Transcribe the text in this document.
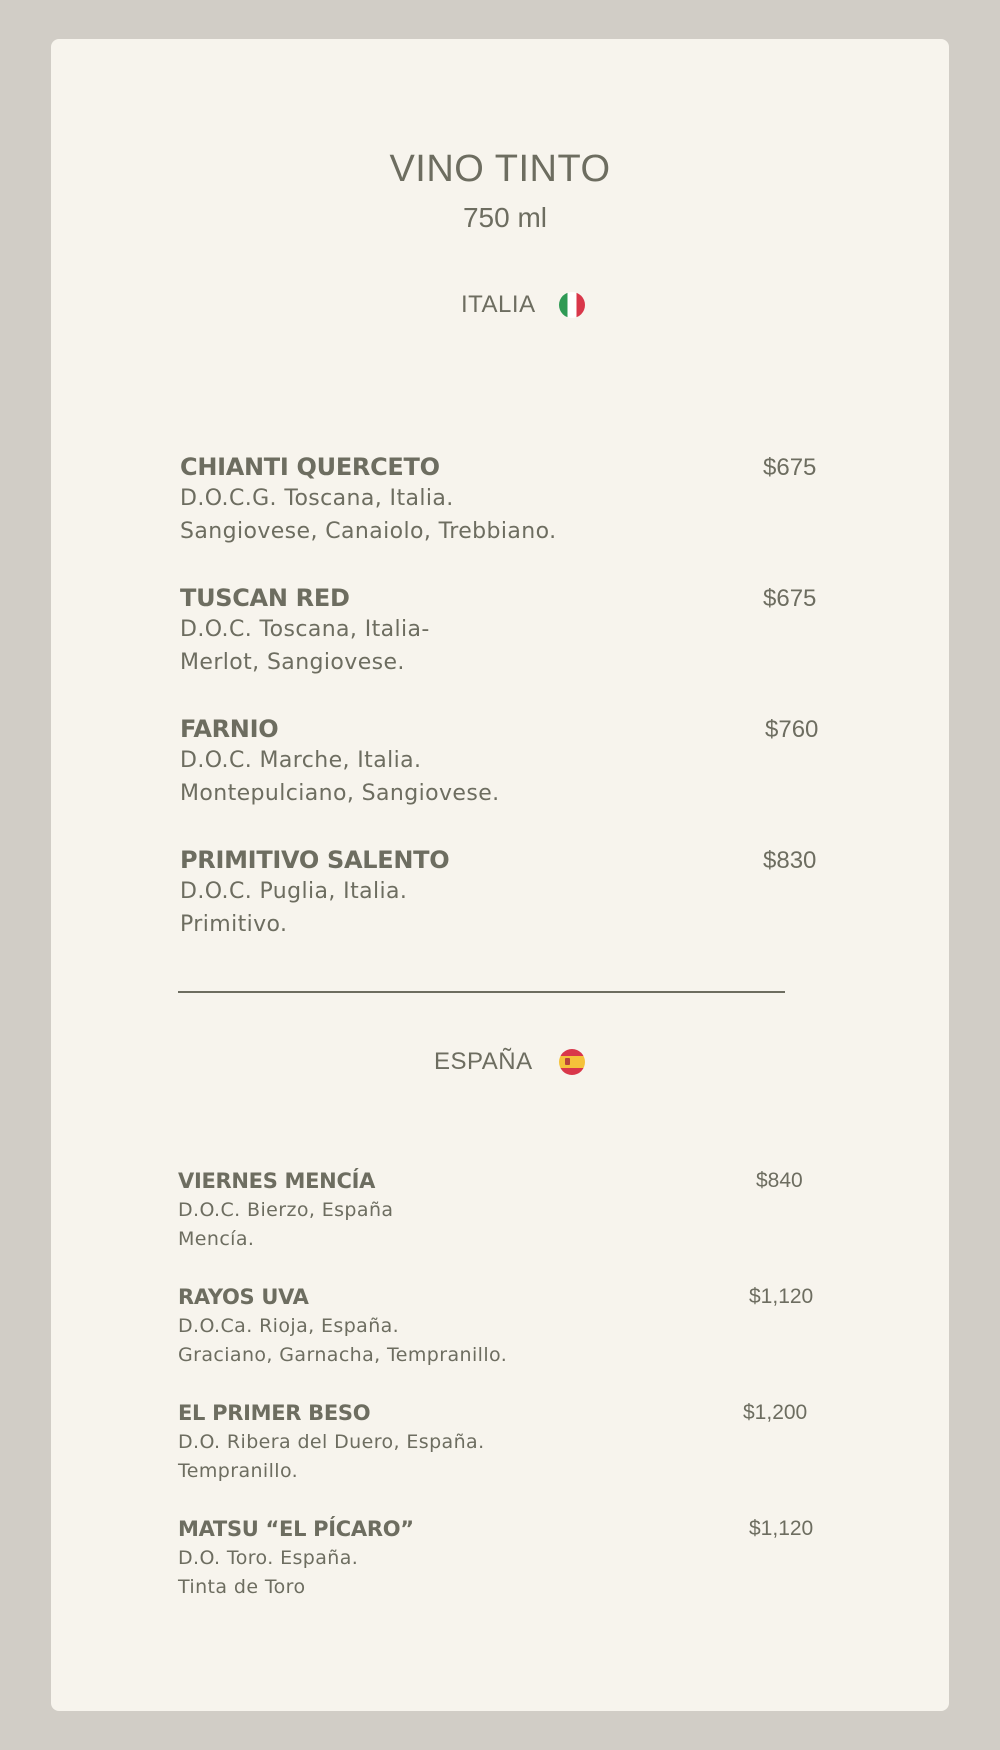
VINO TINTO
750 ml
ITALIA
CHIANTI QUERCETO	$675
D.O.C.G. Toscana, Italia.
Sangiovese, Canaiolo, Trebbiano.
TUSCAN RED	$675
D.O.C. Toscana, Italia-
Merlot, Sangiovese.
FARNIO	$760
D.O.C. Marche, Italia.
Montepulciano, Sangiovese.
PRIMITIVO SALENTO	$830
D.O.C. Puglia, Italia.
Primitivo.
ESPAÑA
VIERNES MENCÍA	$840
D.O.C. Bierzo, España
Mencía.
RAYOS UVA	$1,120
D.O.Ca. Rioja, España.
Graciano, Garnacha, Tempranillo.
EL PRIMER BESO	$1,200
D.O. Ribera del Duero, España.
Tempranillo.
MATSU “EL PÍCARO”	$1,120
D.O. Toro. España.
Tinta de Toro
